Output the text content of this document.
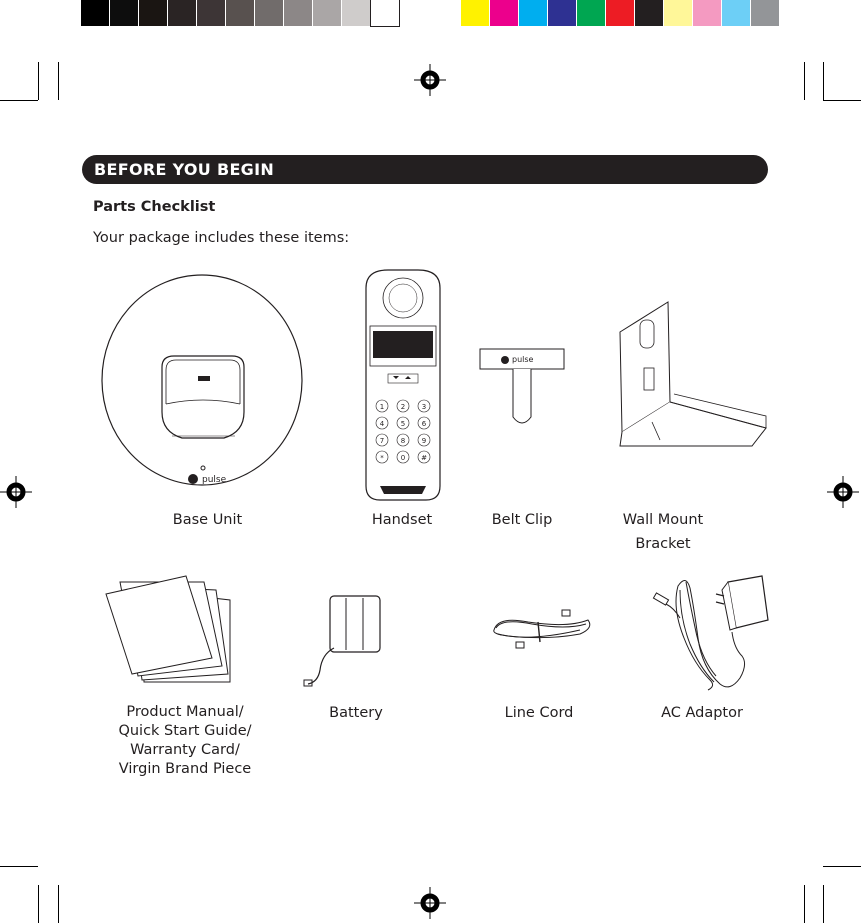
BEFORE YOU BEGIN
Parts Checklist
Your package includes these items:
pulse
Base Unit
1 2 3
4 5 6
7 8 9
* 0 #
Handset
pulse
Belt Clip	Wall Mount
Bracket
Product Manual/
Quick Start Guide/
Warranty Card/
Virgin Brand Piece
Battery	Line Cord	AC Adaptor
